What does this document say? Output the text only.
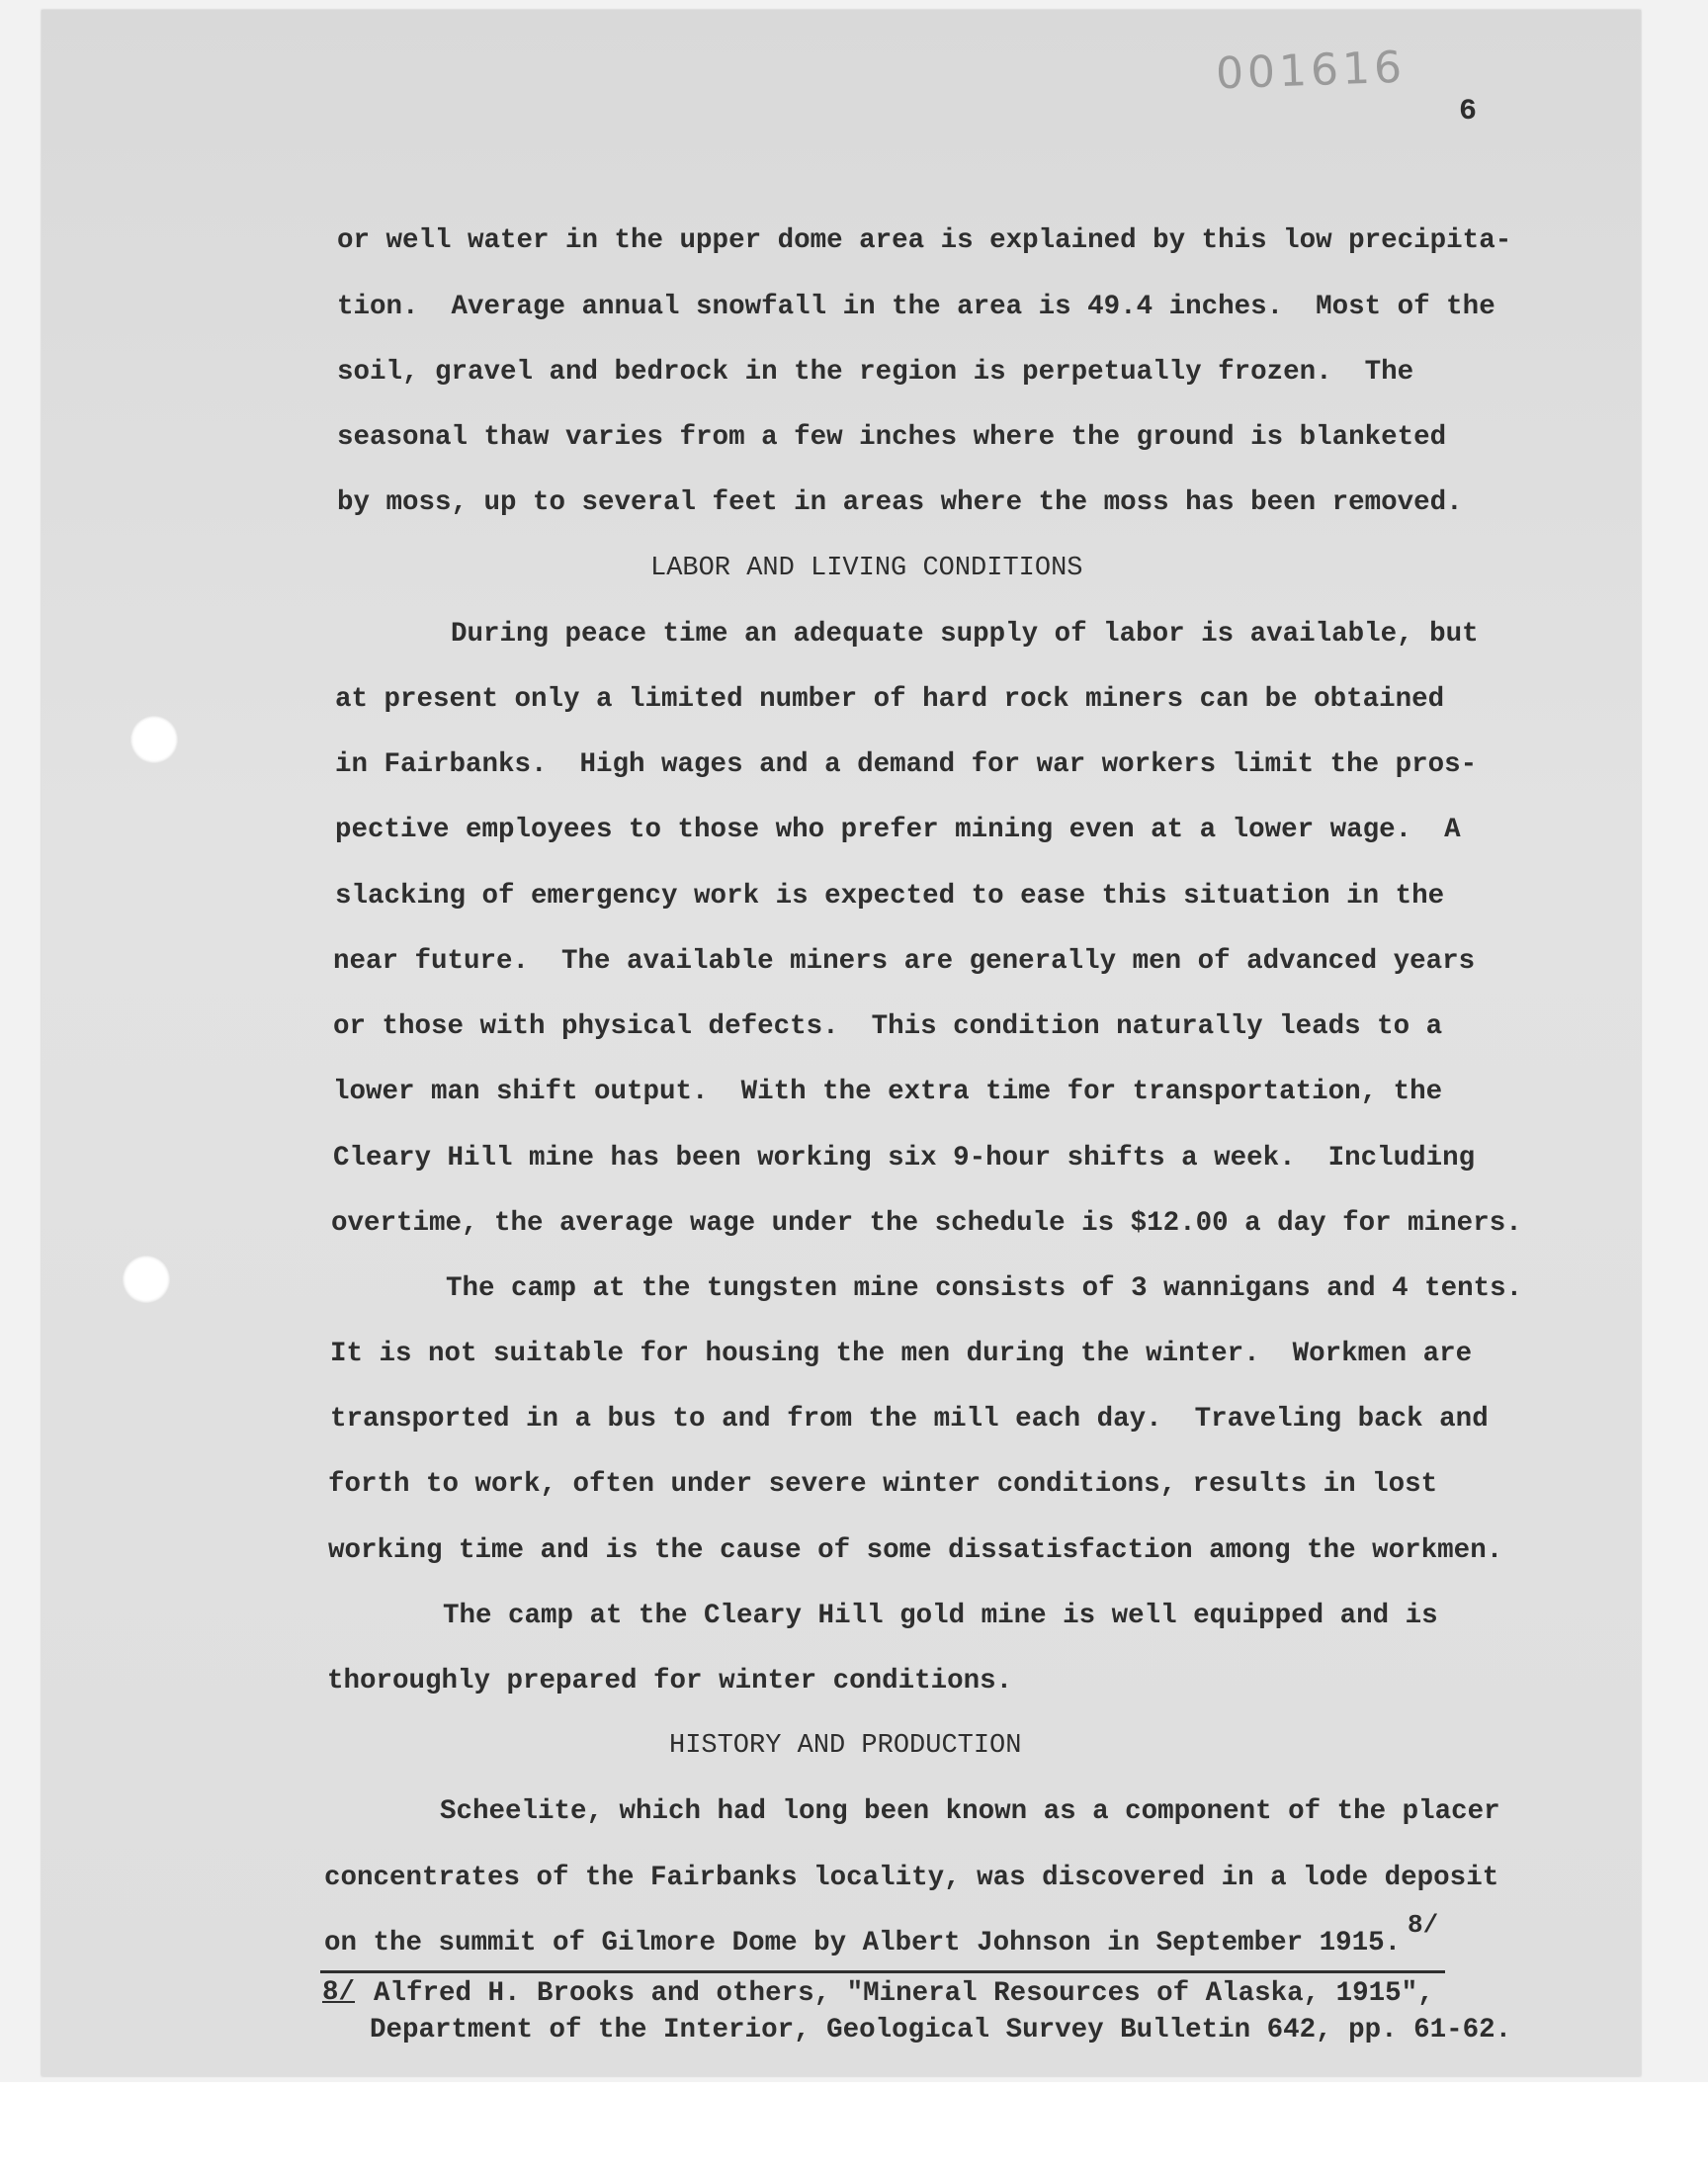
001616
6
or well water in the upper dome area is explained by this low precipita-
tion.  Average annual snowfall in the area is 49.4 inches.  Most of the
soil, gravel and bedrock in the region is perpetually frozen.  The
seasonal thaw varies from a few inches where the ground is blanketed
by moss, up to several feet in areas where the moss has been removed.
LABOR AND LIVING CONDITIONS
During peace time an adequate supply of labor is available, but
at present only a limited number of hard rock miners can be obtained
in Fairbanks.  High wages and a demand for war workers limit the pros-
pective employees to those who prefer mining even at a lower wage.  A
slacking of emergency work is expected to ease this situation in the
near future.  The available miners are generally men of advanced years
or those with physical defects.  This condition naturally leads to a
lower man shift output.  With the extra time for transportation, the
Cleary Hill mine has been working six 9-hour shifts a week.  Including
overtime, the average wage under the schedule is $12.00 a day for miners.
The camp at the tungsten mine consists of 3 wannigans and 4 tents.
It is not suitable for housing the men during the winter.  Workmen are
transported in a bus to and from the mill each day.  Traveling back and
forth to work, often under severe winter conditions, results in lost
working time and is the cause of some dissatisfaction among the workmen.
The camp at the Cleary Hill gold mine is well equipped and is
thoroughly prepared for winter conditions.
HISTORY AND PRODUCTION
Scheelite, which had long been known as a component of the placer
concentrates of the Fairbanks locality, was discovered in a lode deposit
on the summit of Gilmore Dome by Albert Johnson in September 1915.
8/
8/ Alfred H. Brooks and others, "Mineral Resources of Alaska, 1915",
Department of the Interior, Geological Survey Bulletin 642, pp. 61-62.
